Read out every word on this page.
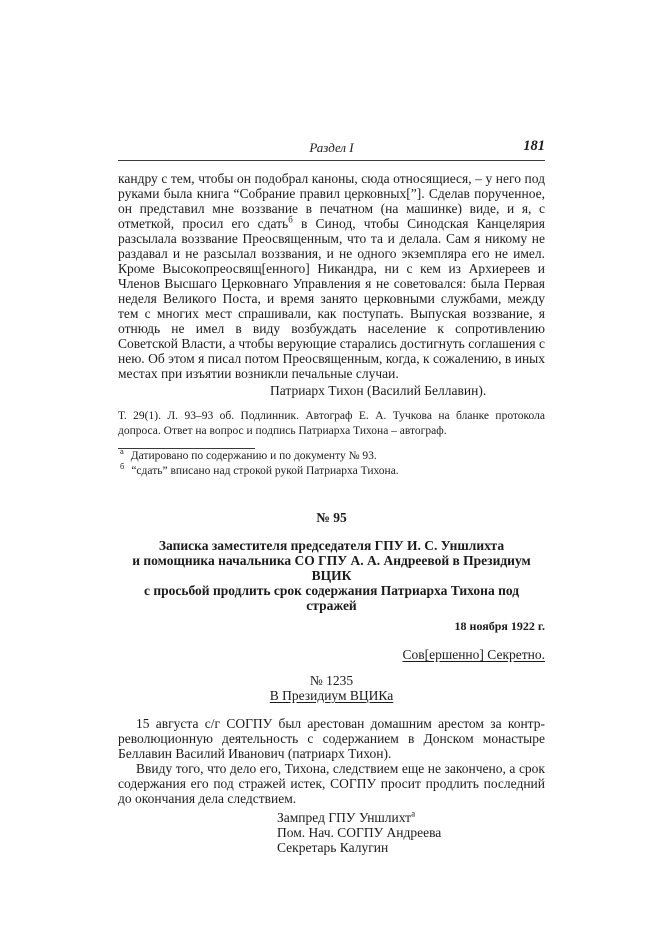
Раздел I	181

кандру с тем, чтобы он подобрал каноны, сюда относящиеся, – у него под руками была книга “Собрание правил церковных[”]. Сделав порученное, он представил мне воззвание в печатном (на машинке) виде, и я, с отметкой, просил его сдать$^б$ в Синод, чтобы Синодская Канцелярия разсылала воззвание Преосвященным, что та и делала. Сам я никому не раздавал и не разсылал воззвания, и не одного экземпляра его не имел. Кроме Высокопреосвящ[енного] Никандра, ни с кем из Архиереев и Членов Высшаго Церковнаго Управления я не советовался: была Первая неделя Великого Поста, и время занято церковными службами, между тем с многих мест спрашивали, как поступать. Выпуская воззвание, я отнюдь не имел в виду возбуждать население к сопротивлению Советской Власти, а чтобы верующие старались достигнуть соглашения с нею. Об этом я писал потом Преосвященным, когда, к сожалению, в иных местах при изъятии возникли печальные случаи.

Патриарх Тихон (Василий Беллавин).

Т. 29(1). Л. 93–93 об. Подлинник. Автограф Е. А. Тучкова на бланке протокола допроса. Ответ на вопрос и подпись Патриарха Тихона – автограф.

$^а$ Датировано по содержанию и по документу № 93.

$^б$ “сдать” вписано над строкой рукой Патриарха Тихона.

№ 95

Записка заместителя председателя ГПУ И. С. Уншлихта
и помощника начальника СО ГПУ А. А. Андреевой в Президиум ВЦИК
с просьбой продлить срок содержания Патриарха Тихона под стражей

18 ноября 1922 г.

Сов[ершенно] Секретно.

№ 1235

В Президиум ВЦИКа

15 августа с/г СОГПУ был арестован домашним арестом за контр-революционную деятельность с содержанием в Донском монастыре Беллавин Василий Иванович (патриарх Тихон).

Ввиду того, что дело его, Тихона, следствием еще не закончено, а срок содержания его под стражей истек, СОГПУ просит продлить последний до окончания дела следствием.

Зампред ГПУ Уншлихт$^а$

Пом. Нач. СОГПУ Андреева

Секретарь Калугин
